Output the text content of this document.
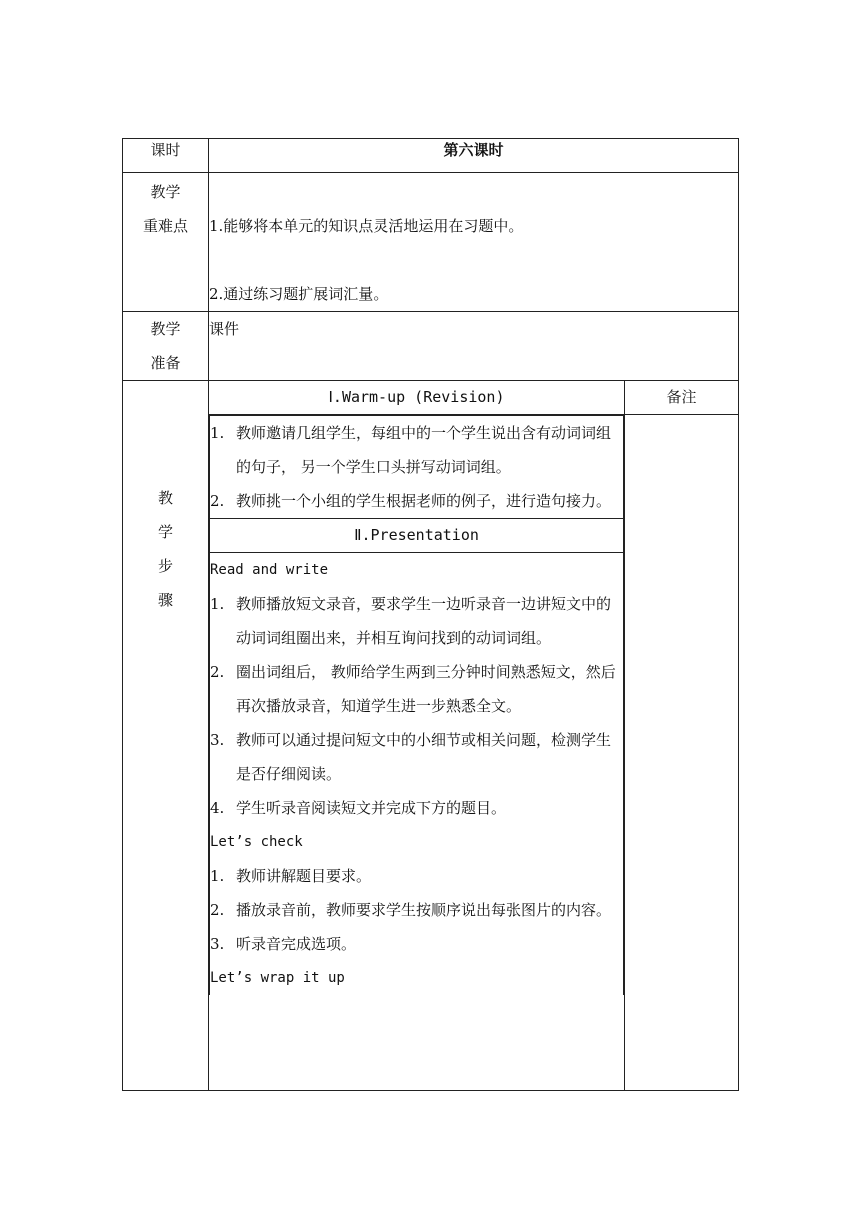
课时	第六课时

教学
重难点	1.能够将本单元的知识点灵活地运用在习题中。
2.通过练习题扩展词汇量。

教学
准备
	课件

教
学
步
骤
	Ⅰ.Warm-up (Revision)	备注

1. 教师邀请几组学生，每组中的一个学生说出含有动词词组的句子， 另一个学生口头拼写动词词组。
2. 教师挑一个小组的学生根据老师的例子，进行造句接力。

Ⅱ.Presentation

Read and write
1. 教师播放短文录音，要求学生一边听录音一边讲短文中的动词词组圈出来，并相互询问找到的动词词组。
2. 圈出词组后， 教师给学生两到三分钟时间熟悉短文，然后再次播放录音，知道学生进一步熟悉全文。
3. 教师可以通过提问短文中的小细节或相关问题，检测学生是否仔细阅读。
4. 学生听录音阅读短文并完成下方的题目。
Let’s check
1. 教师讲解题目要求。
2. 播放录音前，教师要求学生按顺序说出每张图片的内容。
3. 听录音完成选项。
Let’s wrap it up
